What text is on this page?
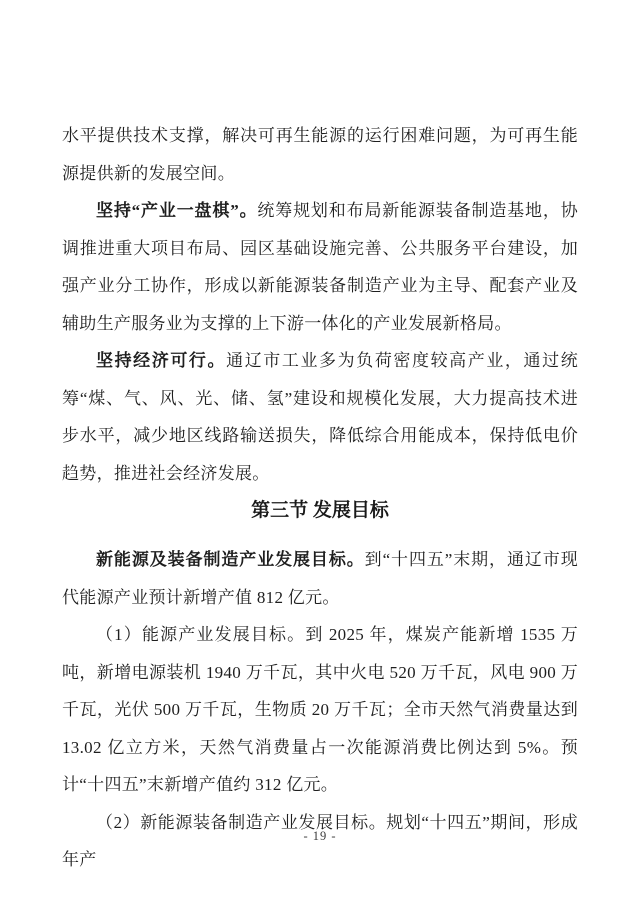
水平提供技术支撑，解决可再生能源的运行困难问题，为可再生能源提供新的发展空间。

坚持“产业一盘棋”。统筹规划和布局新能源装备制造基地，协调推进重大项目布局、园区基础设施完善、公共服务平台建设，加强产业分工协作，形成以新能源装备制造产业为主导、配套产业及辅助生产服务业为支撑的上下游一体化的产业发展新格局。

坚持经济可行。通辽市工业多为负荷密度较高产业，通过统筹“煤、气、风、光、储、氢”建设和规模化发展，大力提高技术进步水平，减少地区线路输送损失，降低综合用能成本，保持低电价趋势，推进社会经济发展。

第三节 发展目标

新能源及装备制造产业发展目标。到“十四五”末期，通辽市现代能源产业预计新增产值 812 亿元。

（1）能源产业发展目标。到 2025 年，煤炭产能新增 1535 万吨，新增电源装机 1940 万千瓦，其中火电 520 万千瓦，风电 900 万千瓦，光伏 500 万千瓦，生物质 20 万千瓦；全市天然气消费量达到 13.02 亿立方米，天然气消费量占一次能源消费比例达到 5%。预计“十四五”末新增产值约 312 亿元。

（2）新能源装备制造产业发展目标。规划“十四五”期间，形成年产

- 19 -
